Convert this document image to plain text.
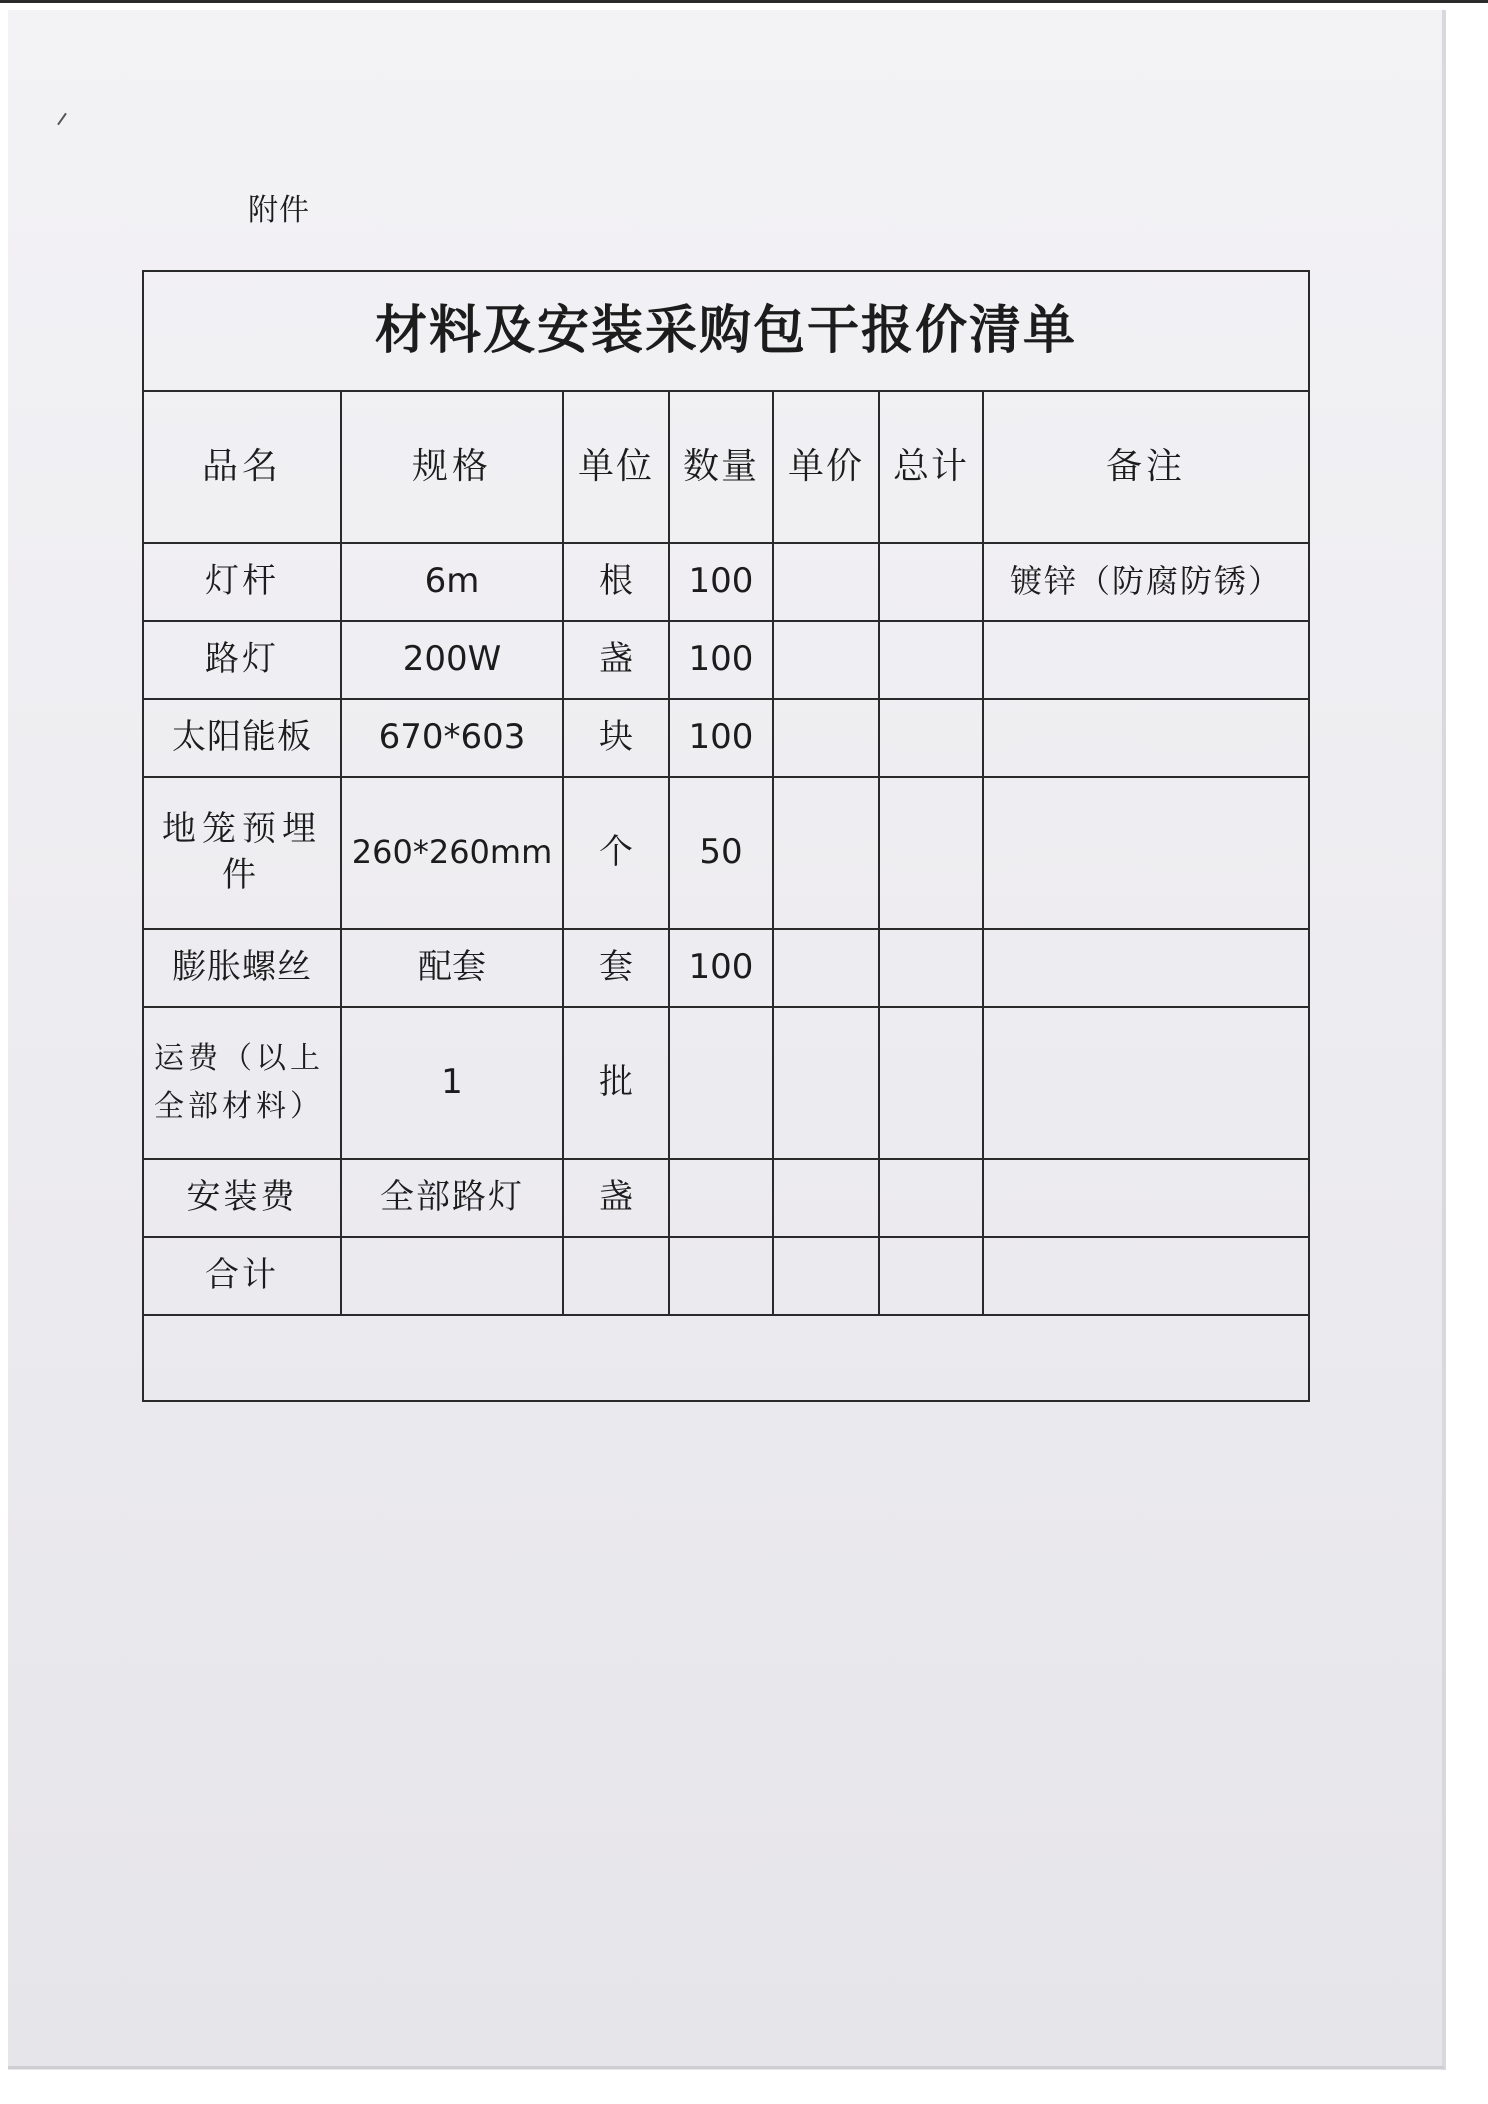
附件
材料及安装采购包干报价清单						
品名	规格	单位	数量	单价	总计	备注
灯杆	6m	根	100			镀锌（防腐防锈）
路灯	200W	盏	100			
太阳能板	670*603	块	100			
地笼预埋件	260*260mm	个	50			
膨胀螺丝	配套	套	100			
运费（以上全部材料）	1	批				
安装费	全部路灯	盏				
合计						
